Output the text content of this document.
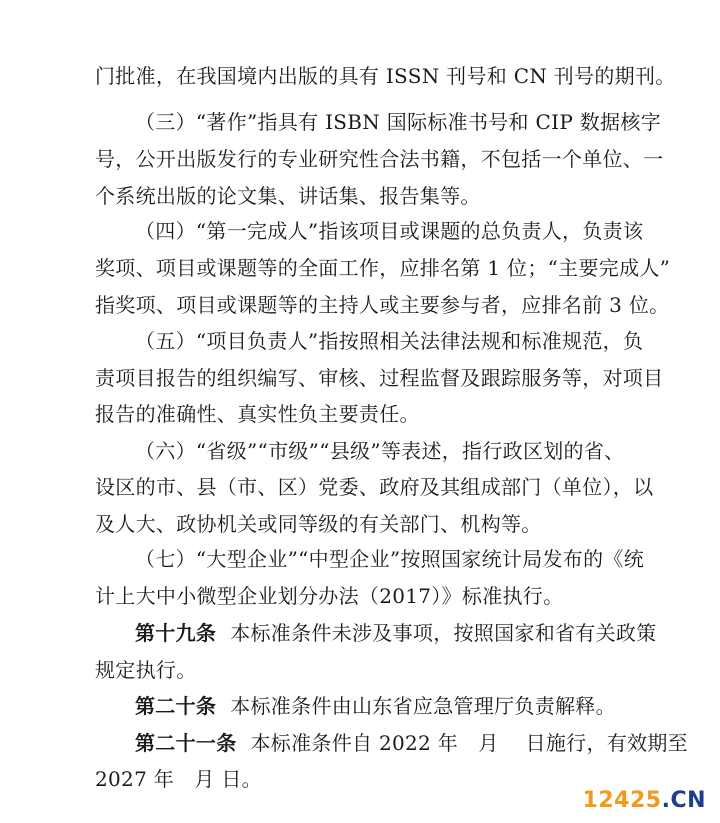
门批准，在我国境内出版的具有 ISSN 刊号和 CN 刊号的期刊。
（三）“著作”指具有 ISBN 国际标准书号和 CIP 数据核字
号，公开出版发行的专业研究性合法书籍，不包括一个单位、一
个系统出版的论文集、讲话集、报告集等。
（四）“第一完成人”指该项目或课题的总负责人，负责该
奖项、项目或课题等的全面工作，应排名第 1 位；“主要完成人”
指奖项、项目或课题等的主持人或主要参与者，应排名前 3 位。
（五）“项目负责人”指按照相关法律法规和标准规范，负
责项目报告的组织编写、审核、过程监督及跟踪服务等，对项目
报告的准确性、真实性负主要责任。
（六）“省级”“市级”“县级”等表述，指行政区划的省、
设区的市、县（市、区）党委、政府及其组成部门（单位），以
及人大、政协机关或同等级的有关部门、机构等。
（七）“大型企业”“中型企业”按照国家统计局发布的《统
计上大中小微型企业划分办法（2017）》标准执行。
第十九条 本标准条件未涉及事项，按照国家和省有关政策
规定执行。
第二十条 本标准条件由山东省应急管理厅负责解释。
第二十一条 本标准条件自 2022 年　月　 日施行，有效期至
2027 年　月 日。
12425.CN
